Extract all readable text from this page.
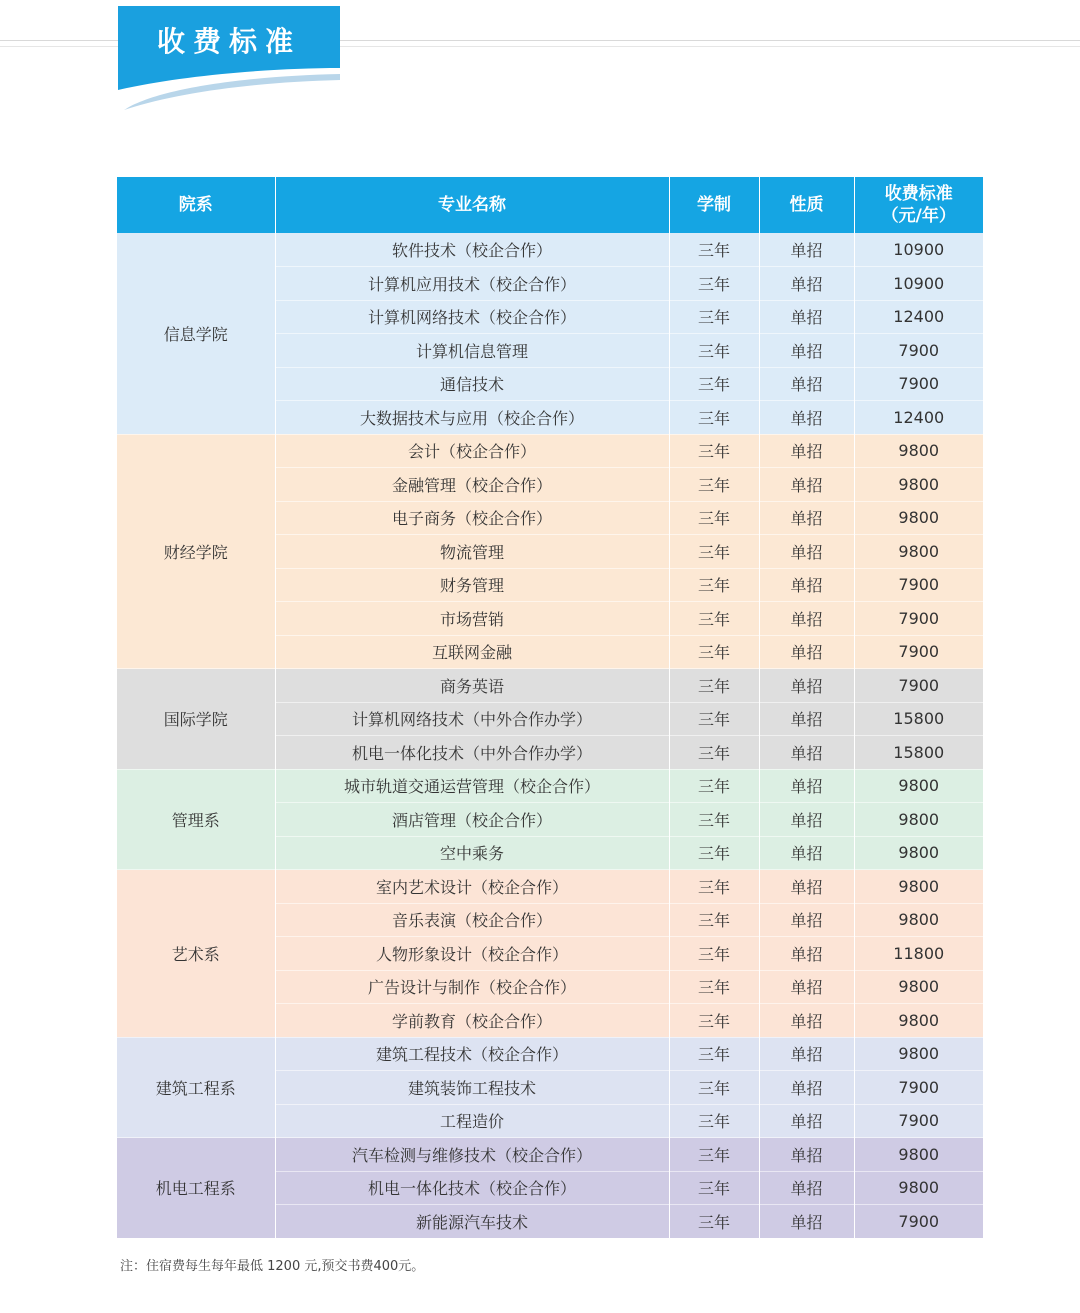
收费标准
院系	专业名称	学制	性质	收费标准
（元/年）
信息学院	软件技术（校企合作）	三年	单招	10900
	计算机应用技术（校企合作）	三年	单招	10900
	计算机网络技术（校企合作）	三年	单招	12400
	计算机信息管理	三年	单招	7900
	通信技术	三年	单招	7900
	大数据技术与应用（校企合作）	三年	单招	12400
财经学院	会计（校企合作）	三年	单招	9800
	金融管理（校企合作）	三年	单招	9800
	电子商务（校企合作）	三年	单招	9800
	物流管理	三年	单招	9800
	财务管理	三年	单招	7900
	市场营销	三年	单招	7900
	互联网金融	三年	单招	7900
国际学院	商务英语	三年	单招	7900
	计算机网络技术（中外合作办学）	三年	单招	15800
	机电一体化技术（中外合作办学）	三年	单招	15800
管理系	城市轨道交通运营管理（校企合作）	三年	单招	9800
	酒店管理（校企合作）	三年	单招	9800
	空中乘务	三年	单招	9800
艺术系	室内艺术设计（校企合作）	三年	单招	9800
	音乐表演（校企合作）	三年	单招	9800
	人物形象设计（校企合作）	三年	单招	11800
	广告设计与制作（校企合作）	三年	单招	9800
	学前教育（校企合作）	三年	单招	9800
建筑工程系	建筑工程技术（校企合作）	三年	单招	9800
	建筑装饰工程技术	三年	单招	7900
	工程造价	三年	单招	7900
机电工程系	汽车检测与维修技术（校企合作）	三年	单招	9800
	机电一体化技术（校企合作）	三年	单招	9800
	新能源汽车技术	三年	单招	7900
注：住宿费每生每年最低 1200 元,预交书费400元。
